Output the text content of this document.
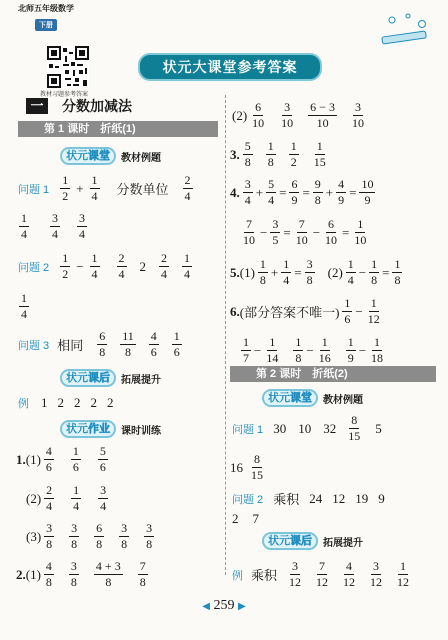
北师五年级数学
下册
教材习题参考答案
状元大课堂参考答案
一	分数加减法
第 1 课时　折纸(1)
状元课堂	教材例题
问题 $1 \frac{1}{2} + \frac{1}{4}$ 分数单位 $\frac{2}{4}$
$\frac{1}{4} \frac{3}{4} \frac{3}{4}$
问题 $2 \frac{1}{2} - \frac{1}{4} \frac{2}{4} 2 \frac{2}{4} \frac{1}{4}$
$\frac{1}{4}$
问题 3 相同 $\frac{6}{8} \frac{11}{8} \frac{4}{6} \frac{1}{6}$
状元课后	拓展提升
例 12222
状元作业	课时训练
1. $(1) \frac{4}{6} \frac{1}{6} \frac{5}{6}$
$(2) \frac{2}{4} \frac{1}{4} \frac{3}{4}$
$(3) \frac{3}{8} \frac{3}{8} \frac{6}{8} \frac{3}{8} \frac{3}{8}$
2. $(1) \frac{4}{8} \frac{3}{8} \frac{4 + 3}{8} \frac{7}{8}$
$(2) \frac{6}{10} \frac{3}{10} \frac{6 - 3}{10} \frac{3}{10}$
3. $\frac{5}{8} \frac{1}{8} \frac{1}{2} \frac{1}{15}$
4. $\frac{3}{4} + \frac{5}{4} = \frac{6}{9} = \frac{9}{8} + \frac{4}{9} = \frac{10}{9}$
$\frac{7}{10} - \frac{3}{5} = \frac{7}{10} - \frac{6}{10} = \frac{1}{10}$
5. $(1) \frac{1}{8} + \frac{1}{4} = \frac{3}{8} (2) \frac{1}{4} - \frac{1}{8} = \frac{1}{8}$
6. (部分答案不唯一) $\frac{1}{6} - \frac{1}{12}$
$\frac{1}{7} - \frac{1}{14} \frac{1}{8} - \frac{1}{16} \frac{1}{9} - \frac{1}{18}$
第 2 课时　折纸(2)
状元课堂	教材例题
问题 1 30 10 $32 \frac{8}{15} 5$
$16 \frac{8}{15}$
问题 2 乘积 24 12 19 9
2 7
状元课后	拓展提升
例 乘积 $\frac{3}{12} \frac{7}{12} \frac{4}{12} \frac{3}{12} \frac{1}{12}$
◀ 259 ▶
